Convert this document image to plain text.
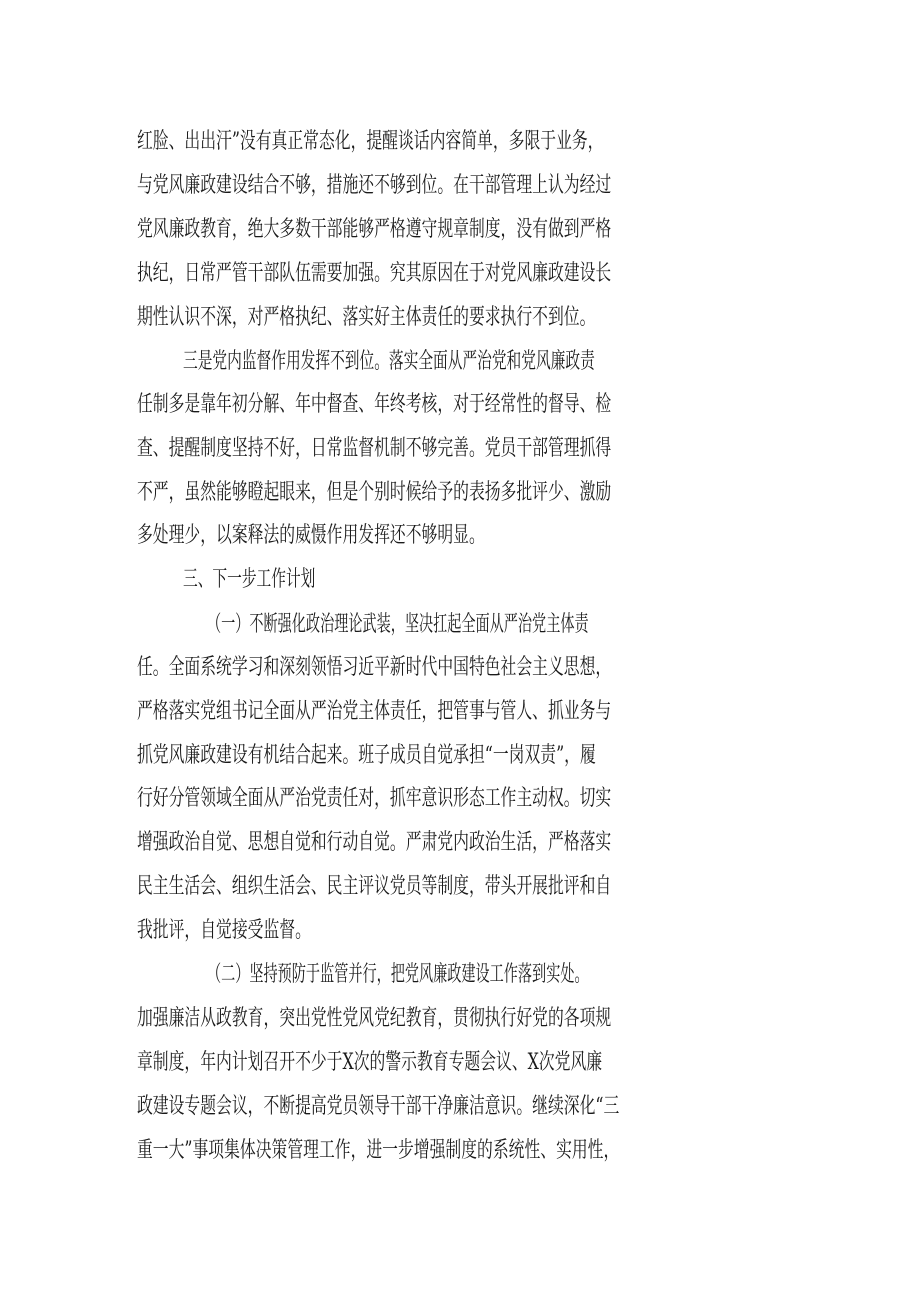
红脸、出出汗”没有真正常态化，提醒谈话内容简单，多限于业务，
与党风廉政建设结合不够，措施还不够到位。在干部管理上认为经过
党风廉政教育，绝大多数干部能够严格遵守规章制度，没有做到严格
执纪，日常严管干部队伍需要加强。究其原因在于对党风廉政建设长
期性认识不深，对严格执纪、落实好主体责任的要求执行不到位。
三是党内监督作用发挥不到位。落实全面从严治党和党风廉政责
任制多是靠年初分解、年中督查、年终考核，对于经常性的督导、检
查、提醒制度坚持不好，日常监督机制不够完善。党员干部管理抓得
不严，虽然能够瞪起眼来，但是个别时候给予的表扬多批评少、激励
多处理少，以案释法的威慑作用发挥还不够明显。
三、下一步工作计划
（一）不断强化政治理论武装，坚决扛起全面从严治党主体责
任。全面系统学习和深刻领悟习近平新时代中国特色社会主义思想，
严格落实党组书记全面从严治党主体责任，把管事与管人、抓业务与
抓党风廉政建设有机结合起来。班子成员自觉承担“一岗双责”，履
行好分管领域全面从严治党责任对，抓牢意识形态工作主动权。切实
增强政治自觉、思想自觉和行动自觉。严肃党内政治生活，严格落实
民主生活会、组织生活会、民主评议党员等制度，带头开展批评和自
我批评，自觉接受监督。
（二）坚持预防于监管并行，把党风廉政建设工作落到实处。
加强廉洁从政教育，突出党性党风党纪教育，贯彻执行好党的各项规
章制度，年内计划召开不少于X次的警示教育专题会议、X次党风廉
政建设专题会议，不断提高党员领导干部干净廉洁意识。继续深化“三
重一大”事项集体决策管理工作，进一步增强制度的系统性、实用性，
